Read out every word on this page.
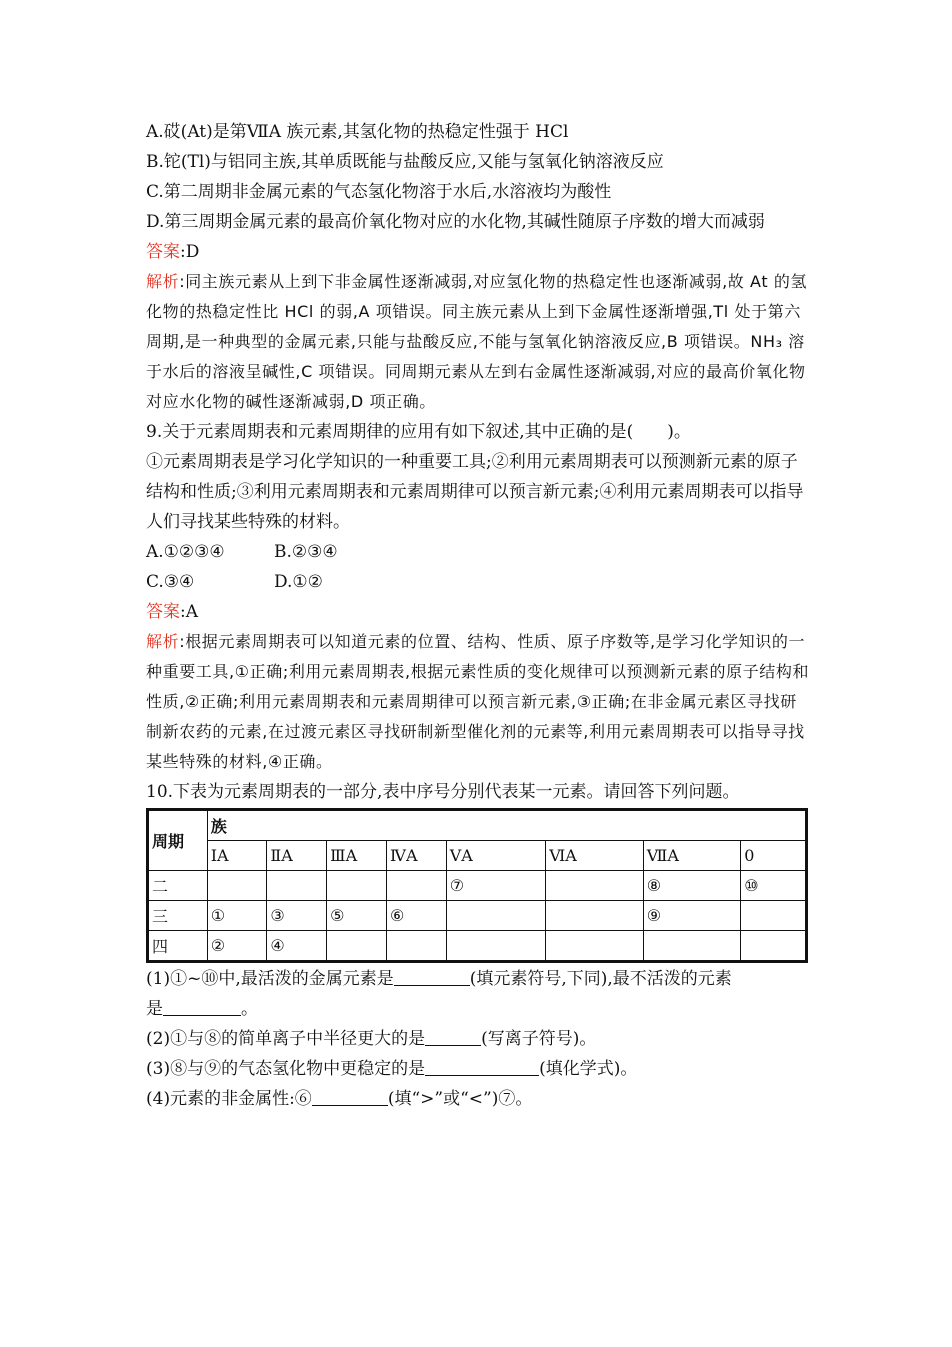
A.砹(At)是第ⅦA 族元素,其氢化物的热稳定性强于 HCl
B.铊(Tl)与铝同主族,其单质既能与盐酸反应,又能与氢氧化钠溶液反应
C.第二周期非金属元素的气态氢化物溶于水后,水溶液均为酸性
D.第三周期金属元素的最高价氧化物对应的水化物,其碱性随原子序数的增大而减弱
答案:D
解析:同主族元素从上到下非金属性逐渐减弱,对应氢化物的热稳定性也逐渐减弱,故 At 的氢化物的热稳定性比 HCl 的弱,A 项错误。同主族元素从上到下金属性逐渐增强,Tl 处于第六周期,是一种典型的金属元素,只能与盐酸反应,不能与氢氧化钠溶液反应,B 项错误。NH₃ 溶于水后的溶液呈碱性,C 项错误。同周期元素从左到右金属性逐渐减弱,对应的最高价氧化物对应水化物的碱性逐渐减弱,D 项正确。
9.关于元素周期表和元素周期律的应用有如下叙述,其中正确的是(　　)。
①元素周期表是学习化学知识的一种重要工具;②利用元素周期表可以预测新元素的原子结构和性质;③利用元素周期表和元素周期律可以预言新元素;④利用元素周期表可以指导人们寻找某些特殊的材料。
A.①②③④	B.②③④
C.③④	D.①②
答案:A
解析:根据元素周期表可以知道元素的位置、结构、性质、原子序数等,是学习化学知识的一种重要工具,①正确;利用元素周期表,根据元素性质的变化规律可以预测新元素的原子结构和性质,②正确;利用元素周期表和元素周期律可以预言新元素,③正确;在非金属元素区寻找研制新农药的元素,在过渡元素区寻找研制新型催化剂的元素等,利用元素周期表可以指导寻找某些特殊的材料,④正确。
10.下表为元素周期表的一部分,表中序号分别代表某一元素。请回答下列问题。
周期	族							
	ⅠA	ⅡA	ⅢA	ⅣA	ⅤA	ⅥA	ⅦA	0
二					⑦		⑧	⑩
三	①	③	⑤	⑥			⑨	
四	②	④						
(1)①~⑩中,最活泼的金属元素是	(填元素符号,下同),最不活泼的元素
是	。
(2)①与⑧的简单离子中半径更大的是	(写离子符号)。
(3)⑧与⑨的气态氢化物中更稳定的是	(填化学式)。
(4)元素的非金属性:⑥	(填“>”或“<”)⑦。
